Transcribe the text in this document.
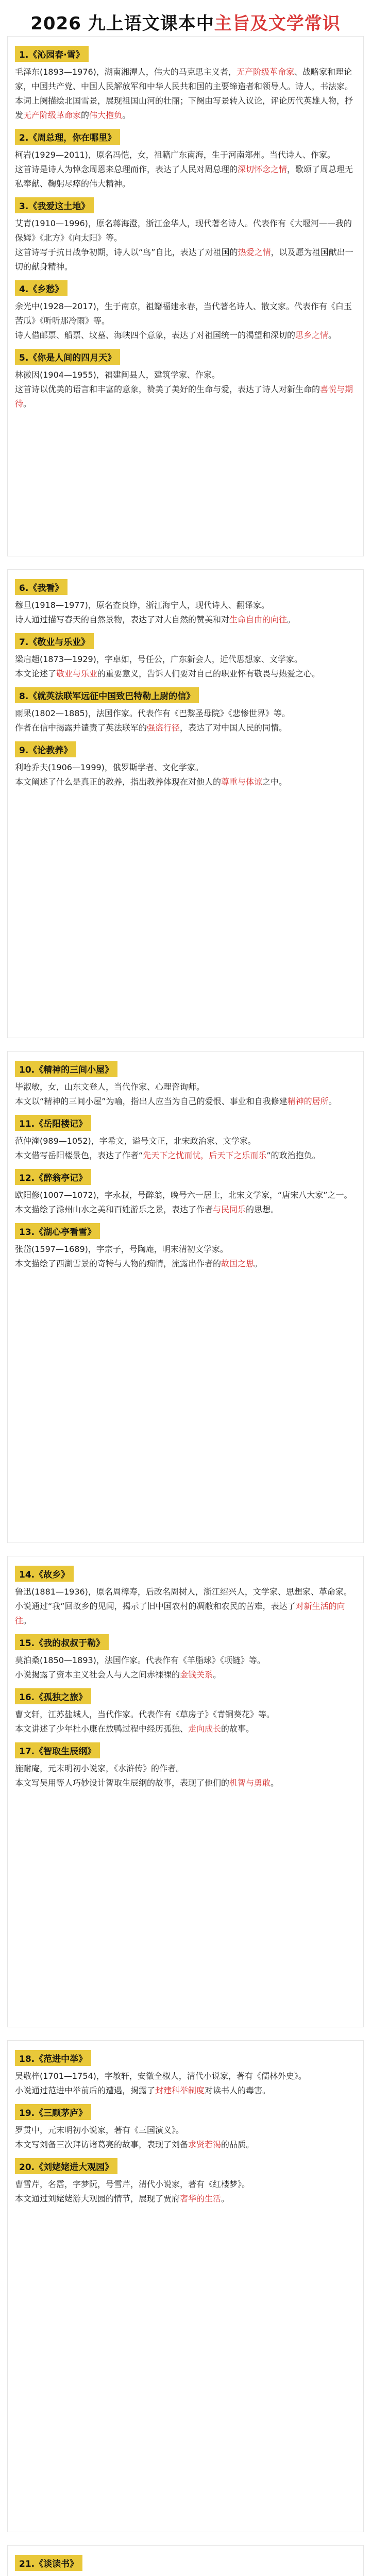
2026 九上语文课本中主旨及文学常识
1.《沁园春·雪》

毛泽东(1893—1976)，湖南湘潭人，伟大的马克思主义者，无产阶级革命家、战略家和理论家，中国共产党、中国人民解放军和中华人民共和国的主要缔造者和领导人。诗人，书法家。

本词上阕描绘北国雪景，展现祖国山河的壮丽；下阕由写景转入议论，评论历代英雄人物，抒发无产阶级革命家的伟大抱负。

2.《周总理，你在哪里》

柯岩(1929—2011)，原名冯恺，女，祖籍广东南海，生于河南郑州。当代诗人、作家。

这首诗是诗人为悼念周恩来总理而作，表达了人民对周总理的深切怀念之情，歌颂了周总理无私奉献、鞠躬尽瘁的伟大精神。

3.《我爱这土地》

艾青(1910—1996)，原名蒋海澄，浙江金华人，现代著名诗人。代表作有《大堰河——我的保姆》《北方》《向太阳》等。

这首诗写于抗日战争初期，诗人以“鸟”自比，表达了对祖国的热爱之情，以及愿为祖国献出一切的献身精神。

4.《乡愁》

余光中(1928—2017)，生于南京，祖籍福建永春，当代著名诗人、散文家。代表作有《白玉苦瓜》《听听那冷雨》等。

诗人借邮票、船票、坟墓、海峡四个意象，表达了对祖国统一的渴望和深切的思乡之情。

5.《你是人间的四月天》

林徽因(1904—1955)，福建闽县人，建筑学家、作家。

这首诗以优美的语言和丰富的意象，赞美了美好的生命与爱，表达了诗人对新生命的喜悦与期待。

6.《我看》

穆旦(1918—1977)，原名查良铮，浙江海宁人，现代诗人、翻译家。

诗人通过描写春天的自然景物，表达了对大自然的赞美和对生命自由的向往。

7.《敬业与乐业》

梁启超(1873—1929)，字卓如，号任公，广东新会人，近代思想家、文学家。

本文论述了敬业与乐业的重要意义，告诉人们要对自己的职业怀有敬畏与热爱之心。

8.《就英法联军远征中国致巴特勒上尉的信》

雨果(1802—1885)，法国作家。代表作有《巴黎圣母院》《悲惨世界》等。

作者在信中揭露并谴责了英法联军的强盗行径，表达了对中国人民的同情。

9.《论教养》

利哈乔夫(1906—1999)，俄罗斯学者、文化学家。

本文阐述了什么是真正的教养，指出教养体现在对他人的尊重与体谅之中。

10.《精神的三间小屋》

毕淑敏，女，山东文登人，当代作家、心理咨询师。

本文以“精神的三间小屋”为喻，指出人应当为自己的爱恨、事业和自我修建精神的居所。

11.《岳阳楼记》

范仲淹(989—1052)，字希文，谥号文正，北宋政治家、文学家。

本文借写岳阳楼景色，表达了作者“先天下之忧而忧，后天下之乐而乐”的政治抱负。

12.《醉翁亭记》

欧阳修(1007—1072)，字永叔，号醉翁，晚号六一居士，北宋文学家，“唐宋八大家”之一。

本文描绘了滁州山水之美和百姓游乐之景，表达了作者与民同乐的思想。

13.《湖心亭看雪》

张岱(1597—1689)，字宗子，号陶庵，明末清初文学家。

本文描绘了西湖雪景的奇特与人物的痴情，流露出作者的故国之思。

14.《故乡》

鲁迅(1881—1936)，原名周樟寿，后改名周树人，浙江绍兴人，文学家、思想家、革命家。

小说通过“我”回故乡的见闻，揭示了旧中国农村的凋敝和农民的苦难，表达了对新生活的向往。

15.《我的叔叔于勒》

莫泊桑(1850—1893)，法国作家。代表作有《羊脂球》《项链》等。

小说揭露了资本主义社会人与人之间赤裸裸的金钱关系。

16.《孤独之旅》

曹文轩，江苏盐城人，当代作家。代表作有《草房子》《青铜葵花》等。

本文讲述了少年杜小康在放鸭过程中经历孤独、走向成长的故事。

17.《智取生辰纲》

施耐庵，元末明初小说家，《水浒传》的作者。

本文写吴用等人巧妙设计智取生辰纲的故事，表现了他们的机智与勇敢。

18.《范进中举》

吴敬梓(1701—1754)，字敏轩，安徽全椒人，清代小说家，著有《儒林外史》。

小说通过范进中举前后的遭遇，揭露了封建科举制度对读书人的毒害。

19.《三顾茅庐》

罗贯中，元末明初小说家，著有《三国演义》。

本文写刘备三次拜访诸葛亮的故事，表现了刘备求贤若渴的品质。

20.《刘姥姥进大观园》

曹雪芹，名霑，字梦阮，号雪芹，清代小说家，著有《红楼梦》。

本文通过刘姥姥游大观园的情节，展现了贾府奢华的生活。

21.《谈读书》
